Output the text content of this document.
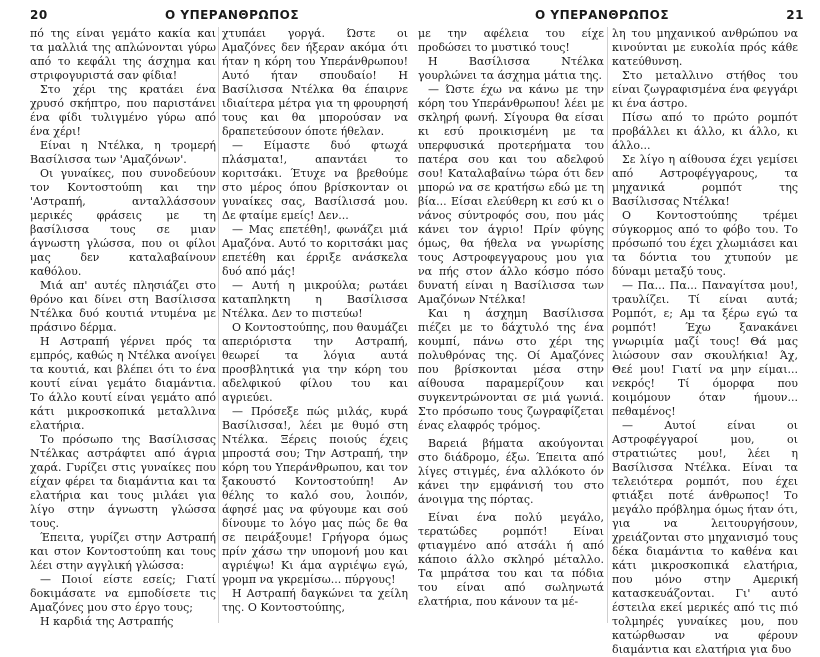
20	Ο ΥΠΕΡΑΝΘΡΩΠΟΣ	Ο ΥΠΕΡΑΝΘΡΩΠΟΣ	21

πό της είναι γεμάτο κακία και τα μαλλιά της απλώνονται γύρω από το κεφάλι της άσχημα και στριφογυριστά σαν φίδια!

Στο χέρι της κρατάει ένα χρυσό σκήπτρο, που παριστάνει ένα φίδι τυλιγμένο γύρω από ένα χέρι!

Είναι η Ντέλκα, η τρομερή Βασίλισσα των 'Αμαζόνων'.

Οι γυναίκες, που συνοδεύουν τον Κοντοστούπη και την 'Αστραπή, ανταλλάσσουν μερικές φράσεις με τη βασίλισσα τους σε μιαν άγνωστη γλώσσα, που οι φίλοι μας δεν καταλαβαίνουν καθόλου.

Μιά απ' αυτές πλησιάζει στο θρόνο και δίνει στη Βασίλισσα Ντέλκα δυό κουτιά ντυμένα με πράσινο δέρμα.

Η Αστραπή γέρνει πρός τα εμπρός, καθώς η Ντέλκα ανοίγει τα κουτιά, και βλέπει ότι το ένα κουτί είναι γεμάτο διαμάντια. Το άλλο κουτί είναι γεμάτο από κάτι μικροσκοπικά μεταλλινα ελατήρια.

Το πρόσωπο της Βασίλισσας Ντέλκας αστράφτει από άγρια χαρά. Γυρίζει στις γυναίκες που είχαν φέρει τα διαμάντια και τα ελατήρια και τους μιλάει για λίγο στην άγνωστη γλώσσα τους.

Έπειτα, γυρίζει στην Αστραπή και στον Κοντοστούπη και τους λέει στην αγγλική γλώσσα:

— Ποιοί είστε εσείς; Γιατί δοκιμάσατε να εμποδίσετε τις Αμαζόνες μου στο έργο τους;

Η καρδιά της Αστραπής

χτυπάει γοργά. Ώστε οι Αμαζόνες δεν ήξεραν ακόμα ότι ήταν η κόρη του Υπεράνθρωπου! Αυτό ήταν σπουδαίο! Η Βασίλισσα Ντέλκα θα έπαιρνε ιδιαίτερα μέτρα για τη φρουρησή τους και θα μπορούσαν να δραπετεύσουν όποτε ήθελαν.

— Είμαστε δυό φτωχά πλάσματα!, απαντάει το κοριτσάκι. Έτυχε να βρεθούμε στο μέρος όπου βρίσκονταν οι γυναίκες σας, Βασίλισσά μου. Δε φταίμε εμείς! Δεν...

— Μας επετέθη!, φωνάζει μιά Αμαζόνα. Αυτό το κοριτσάκι μας επετέθη και έρριξε ανάσκελα δυό από μάς!

— Αυτή η μικρούλα; ρωτάει καταπληκτη η Βασίλισσα Ντέλκα. Δεν το πιστεύω!

Ο Κοντοστούπης, που θαυμάζει απεριόριστα την Αστραπή, θεωρεί τα λόγια αυτά προσβλητικά για την κόρη του αδελφικού φίλου του και αγριεύει.

— Πρόσεξε πώς μιλάς, κυρά Βασίλισσα!, λέει με θυμό στη Ντέλκα. Ξέρεις ποιούς έχεις μπροστά σου; Την Αστραπή, την κόρη του Υπεράνθρωπου, και τον ξακουστό Κοντοστούπη! Αν θέλης το καλό σου, λοιπόν, άφησέ μας να φύγουμε και σού δίνουμε το λόγο μας πώς δε θα σε πειράξουμε! Γρήγορα όμως πρίν χάσω την υπομονή μου και αγριέψω! Κι άμα αγριέψω εγώ, γρομπ να γκρεμίσω... πύργους!

Η Αστραπή δαγκώνει τα χείλη της. Ο Κοντοστούπης,

με την αφέλεια του είχε προδώσει το μυστικό τους!

Η Βασίλισσα Ντέλκα γουρλώνει τα άσχημα μάτια της.

— Ώστε έχω να κάνω με την κόρη του Υπεράνθρωπου! λέει με σκληρή φωνή. Σίγουρα θα είσαι κι εσύ προικισμένη με τα υπερφυσικά προτερήματα του πατέρα σου και του αδελφού σου! Καταλαβαίνω τώρα ότι δεν μπορώ να σε κρατήσω εδώ με τη βία... Είσαι ελεύθερη κι εσύ κι ο νάνος σύντροφός σου, που μάς κάνει τον άγριο! Πρίν φύγης όμως, θα ήθελα να γνωρίσης τους Αστροφεγγαρους μου για να πής στον άλλο κόσμο πόσο δυνατή είναι η Βασίλισσα των Αμαζόνων Ντέλκα!

Και η άσχημη Βασίλισσα πιέζει με το δάχτυλό της ένα κουμπί, πάνω στο χέρι της πολυθρόνας της. Οί Αμαζόνες που βρίσκονται μέσα στην αίθουσα παραμερίζουν και συγκεντρώνονται σε μιά γωνιά. Στο πρόσωπο τους ζωγραφίζεται ένας ελαφρός τρόμος.

Βαρειά βήματα ακούγονται στο διάδρομο, έξω. Έπειτα από λίγες στιγμές, ένα αλλόκοτο όν κάνει την εμφάνισή του στο άνοιγμα της πόρτας.

Είναι ένα πολύ μεγάλο, τερατώδες ρομπότ! Είναι φτιαγμένο από ατσάλι ή από κάποιο άλλο σκληρό μέταλλο. Τα μπράτσα του και τα πόδια του είναι από σωληνωτά ελατήρια, που κάνουν τα μέ-

λη του μηχανικού ανθρώπου να κινούνται με ευκολία πρός κάθε κατεύθυνση.

Στο μεταλλινο στήθος του είναι ζωγραφισμένα ένα φεγγάρι κι ένα άστρο.

Πίσω από το πρώτο ρομπότ προβάλλει κι άλλο, κι άλλο, κι άλλο...

Σε λίγο η αίθουσα έχει γεμίσει από Αστροφέγγαρους, τα μηχανικά ρομπότ της Βασίλισσας Ντέλκα!

Ο Κοντοστούπης τρέμει σύγκορμος από το φόβο του. Το πρόσωπό του έχει χλωμιάσει και τα δόντια του χτυπούν με δύναμι μεταξύ τους.

— Πα... Πα... Παναγίτσα μου!, τραυλίζει. Τί είναι αυτά; Ρομπότ, ε; Αμ τα ξέρω εγώ τα ρομπότ! Έχω ξανακάνει γνωριμία μαζί τους! Θά μας λιώσουν σαν σκουλήκια! Άχ, Θεέ μου! Γιατί να μην είμαι... νεκρός! Τί όμορφα που κοιμόμουν όταν ήμουν... πεθαμένος!

— Αυτοί είναι οι Αστροφέγγαροί μου, οι στρατιώτες μου!, λέει η Βασίλισσα Ντέλκα. Είναι τα τελειότερα ρομπότ, που έχει φτιάξει ποτέ άνθρωπος! Το μεγάλο πρόβλημα όμως ήταν ότι, για να λειτουργήσουν, χρειάζονται στο μηχανισμό τους δέκα διαμάντια το καθένα και κάτι μικροσκοπικά ελατήρια, που μόνο στην Αμερική κατασκευάζονται. Γι' αυτό έστειλα εκεί μερικές από τις πιό τολμηρές γυναίκες μου, που κατώρθωσαν να φέρουν διαμάντια και ελατήρια για δυο
